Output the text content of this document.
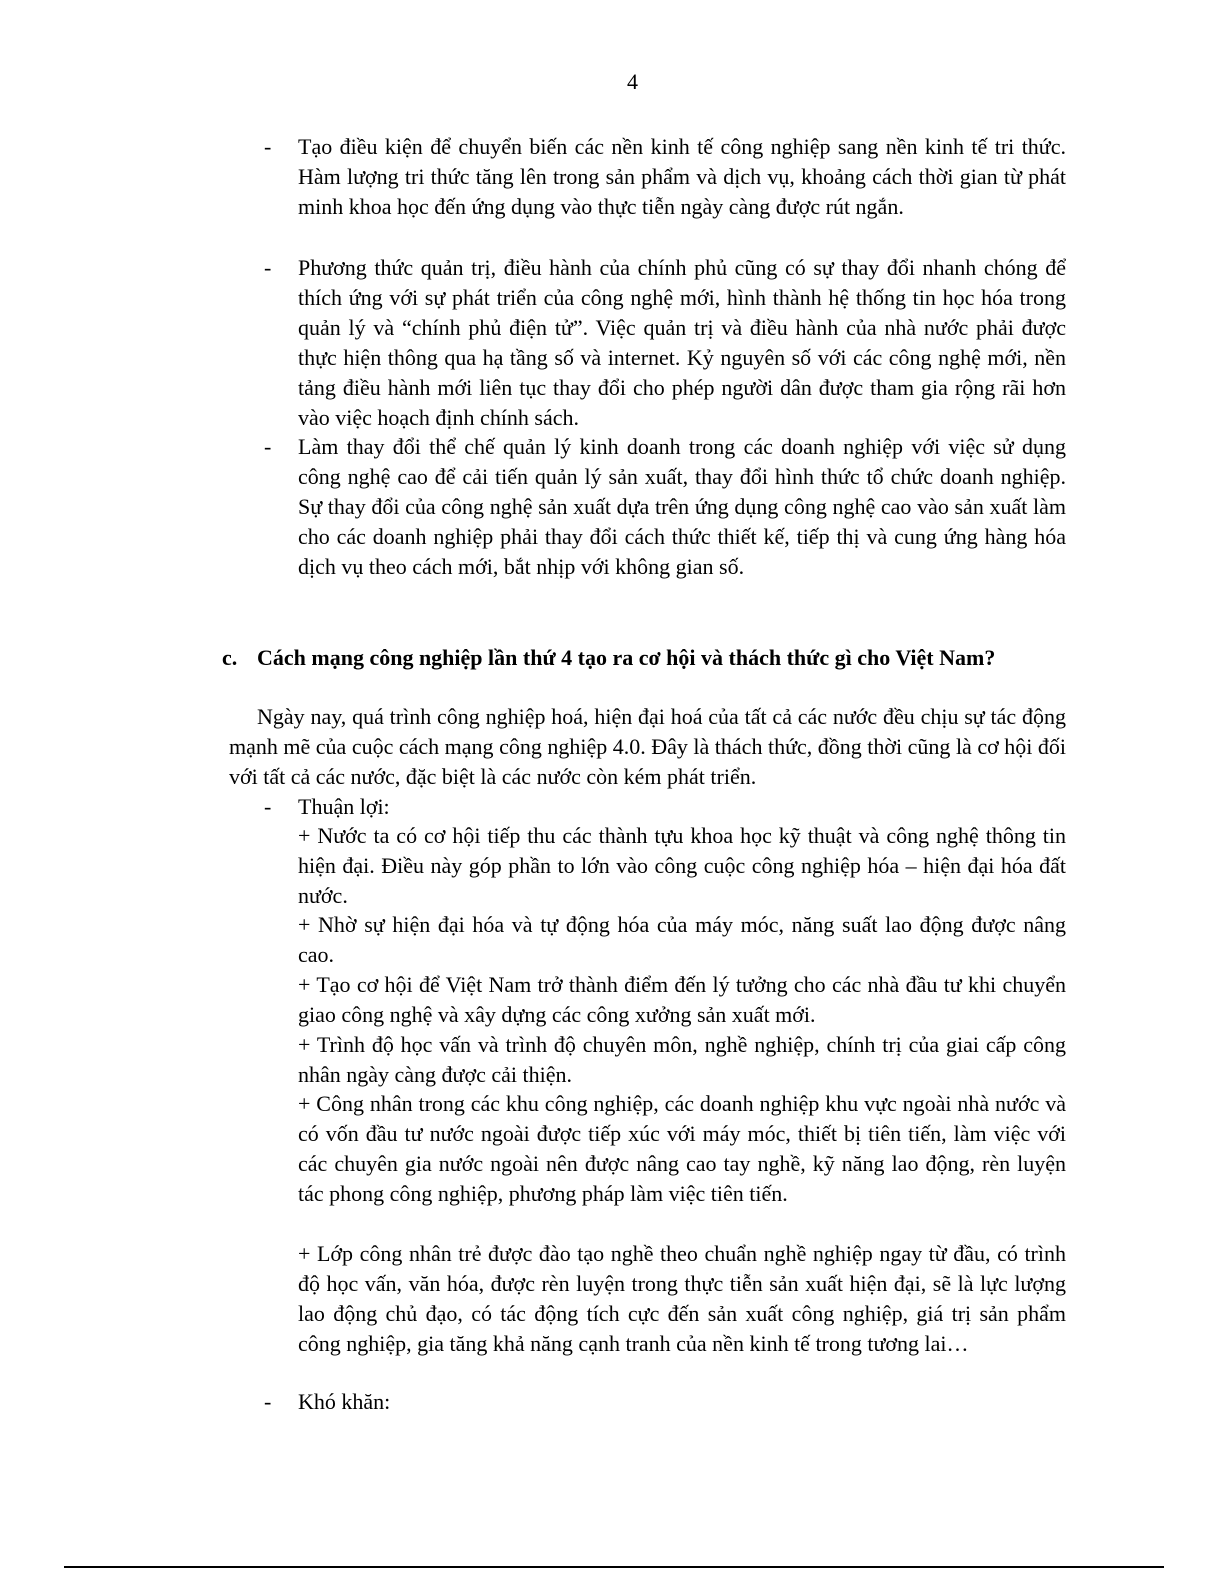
4
-	Tạo điều kiện để chuyển biến các nền kinh tế công nghiệp sang nền kinh tế tri thức. Hàm lượng tri thức tăng lên trong sản phẩm và dịch vụ, khoảng cách thời gian từ phát minh khoa học đến ứng dụng vào thực tiễn ngày càng được rút ngắn.
-	Phương thức quản trị, điều hành của chính phủ cũng có sự thay đổi nhanh chóng để thích ứng với sự phát triển của công nghệ mới, hình thành hệ thống tin học hóa trong quản lý và “chính phủ điện tử”. Việc quản trị và điều hành của nhà nước phải được thực hiện thông qua hạ tầng số và internet. Kỷ nguyên số với các công nghệ mới, nền tảng điều hành mới liên tục thay đổi cho phép người dân được tham gia rộng rãi hơn vào việc hoạch định chính sách.
-	Làm thay đổi thể chế quản lý kinh doanh trong các doanh nghiệp với việc sử dụng công nghệ cao để cải tiến quản lý sản xuất, thay đổi hình thức tổ chức doanh nghiệp. Sự thay đổi của công nghệ sản xuất dựa trên ứng dụng công nghệ cao vào sản xuất làm cho các doanh nghiệp phải thay đổi cách thức thiết kế, tiếp thị và cung ứng hàng hóa dịch vụ theo cách mới, bắt nhịp với không gian số.
c. Cách mạng công nghiệp lần thứ 4 tạo ra cơ hội và thách thức gì cho Việt Nam?
Ngày nay, quá trình công nghiệp hoá, hiện đại hoá của tất cả các nước đều chịu sự tác động mạnh mẽ của cuộc cách mạng công nghiệp 4.0. Đây là thách thức, đồng thời cũng là cơ hội đối với tất cả các nước, đặc biệt là các nước còn kém phát triển.
-	Thuận lợi:
+ Nước ta có cơ hội tiếp thu các thành tựu khoa học kỹ thuật và công nghệ thông tin hiện đại. Điều này góp phần to lớn vào công cuộc công nghiệp hóa – hiện đại hóa đất nước.
+ Nhờ sự hiện đại hóa và tự động hóa của máy móc, năng suất lao động được nâng cao.
+ Tạo cơ hội để Việt Nam trở thành điểm đến lý tưởng cho các nhà đầu tư khi chuyển giao công nghệ và xây dựng các công xưởng sản xuất mới.
+ Trình độ học vấn và trình độ chuyên môn, nghề nghiệp, chính trị của giai cấp công nhân ngày càng được cải thiện.
+ Công nhân trong các khu công nghiệp, các doanh nghiệp khu vực ngoài nhà nước và có vốn đầu tư nước ngoài được tiếp xúc với máy móc, thiết bị tiên tiến, làm việc với các chuyên gia nước ngoài nên được nâng cao tay nghề, kỹ năng lao động, rèn luyện tác phong công nghiệp, phương pháp làm việc tiên tiến.
+ Lớp công nhân trẻ được đào tạo nghề theo chuẩn nghề nghiệp ngay từ đầu, có trình độ học vấn, văn hóa, được rèn luyện trong thực tiễn sản xuất hiện đại, sẽ là lực lượng lao động chủ đạo, có tác động tích cực đến sản xuất công nghiệp, giá trị sản phẩm công nghiệp, gia tăng khả năng cạnh tranh của nền kinh tế trong tương lai…
-	Khó khăn:
